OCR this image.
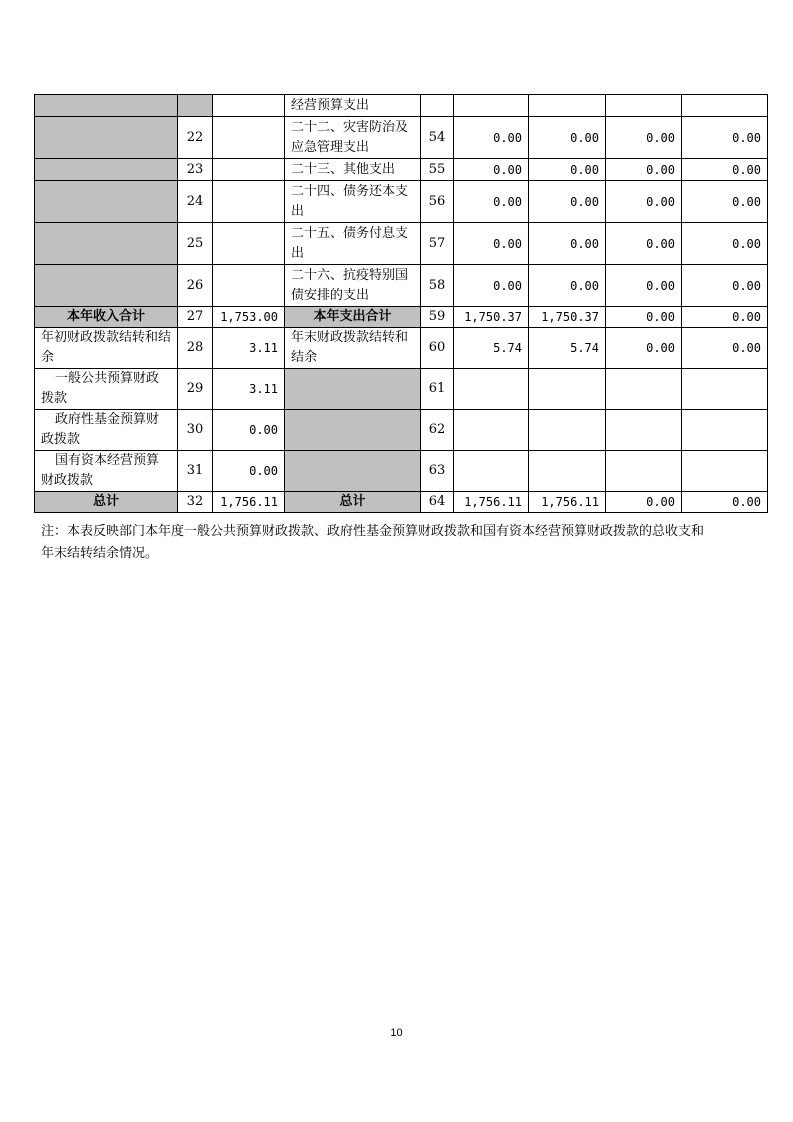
			经营预算支出					
	22		二十二、灾害防治及应急管理支出	54	0.00	0.00	0.00	0.00
	23		二十三、其他支出	55	0.00	0.00	0.00	0.00
	24		二十四、债务还本支出	56	0.00	0.00	0.00	0.00
	25		二十五、债务付息支出	57	0.00	0.00	0.00	0.00
	26		二十六、抗疫特别国债安排的支出	58	0.00	0.00	0.00	0.00
本年收入合计	27	1,753.00	本年支出合计	59	1,750.37	1,750.37	0.00	0.00
年初财政拨款结转和结余	28	3.11	年末财政拨款结转和结余	60	5.74	5.74	0.00	0.00
一般公共预算财政拨款	29	3.11		61				
政府性基金预算财政拨款	30	0.00		62				
国有资本经营预算财政拨款	31	0.00		63				
总计	32	1,756.11	总计	64	1,756.11	1,756.11	0.00	0.00
注：本表反映部门本年度一般公共预算财政拨款、政府性基金预算财政拨款和国有资本经营预算财政拨款的总收支和年末结转结余情况。
10
